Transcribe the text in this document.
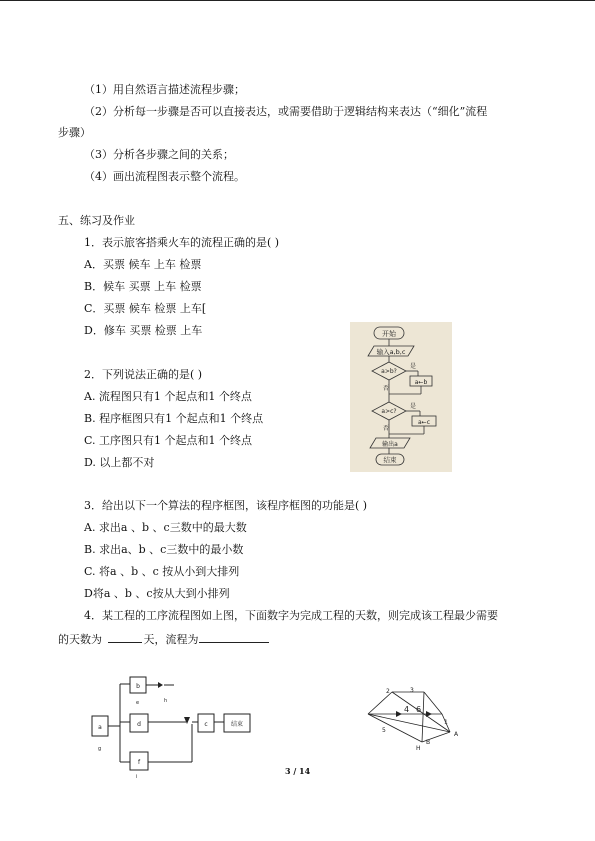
（1）用自然语言描述流程步骤；
（2）分析每一步骤是否可以直接表达，或需要借助于逻辑结构来表达（“细化”流程
步骤）
（3）分析各步骤之间的关系；
（4）画出流程图表示整个流程。
五、练习及作业
1．表示旅客搭乘火车的流程正确的是( )
A．买票 候车 上车 检票
B．候车 买票 上车 检票
C．买票 候车 检票 上车[
D．修车 买票 检票 上车
2．下列说法正确的是( )
A. 流程图只有1 个起点和1 个终点
B. 程序框图只有1 个起点和1 个终点
C. 工序图只有1 个起点和1 个终点
D. 以上都不对
开始
输入a,b,c
a>b?
是
a←b
否
a>c?
是
a←c
否
输出a
结束
3．给出以下一个算法的程序框图，该程序框图的功能是( )
A. 求出a 、b 、c三数中的最大数
B. 求出a、b 、c三数中的最小数
C. 将a 、b 、c 按从小到大排列
D将a 、b 、c按从大到小排列
4．某工程的工序流程图如上图，下面数字为完成工程的天数，则完成该工程最少需要
的天数为	天，流程为
a
b
d
f
c	结束
g
e	h
i
4 6
2	3
5
1
A
H
B
3 / 14
